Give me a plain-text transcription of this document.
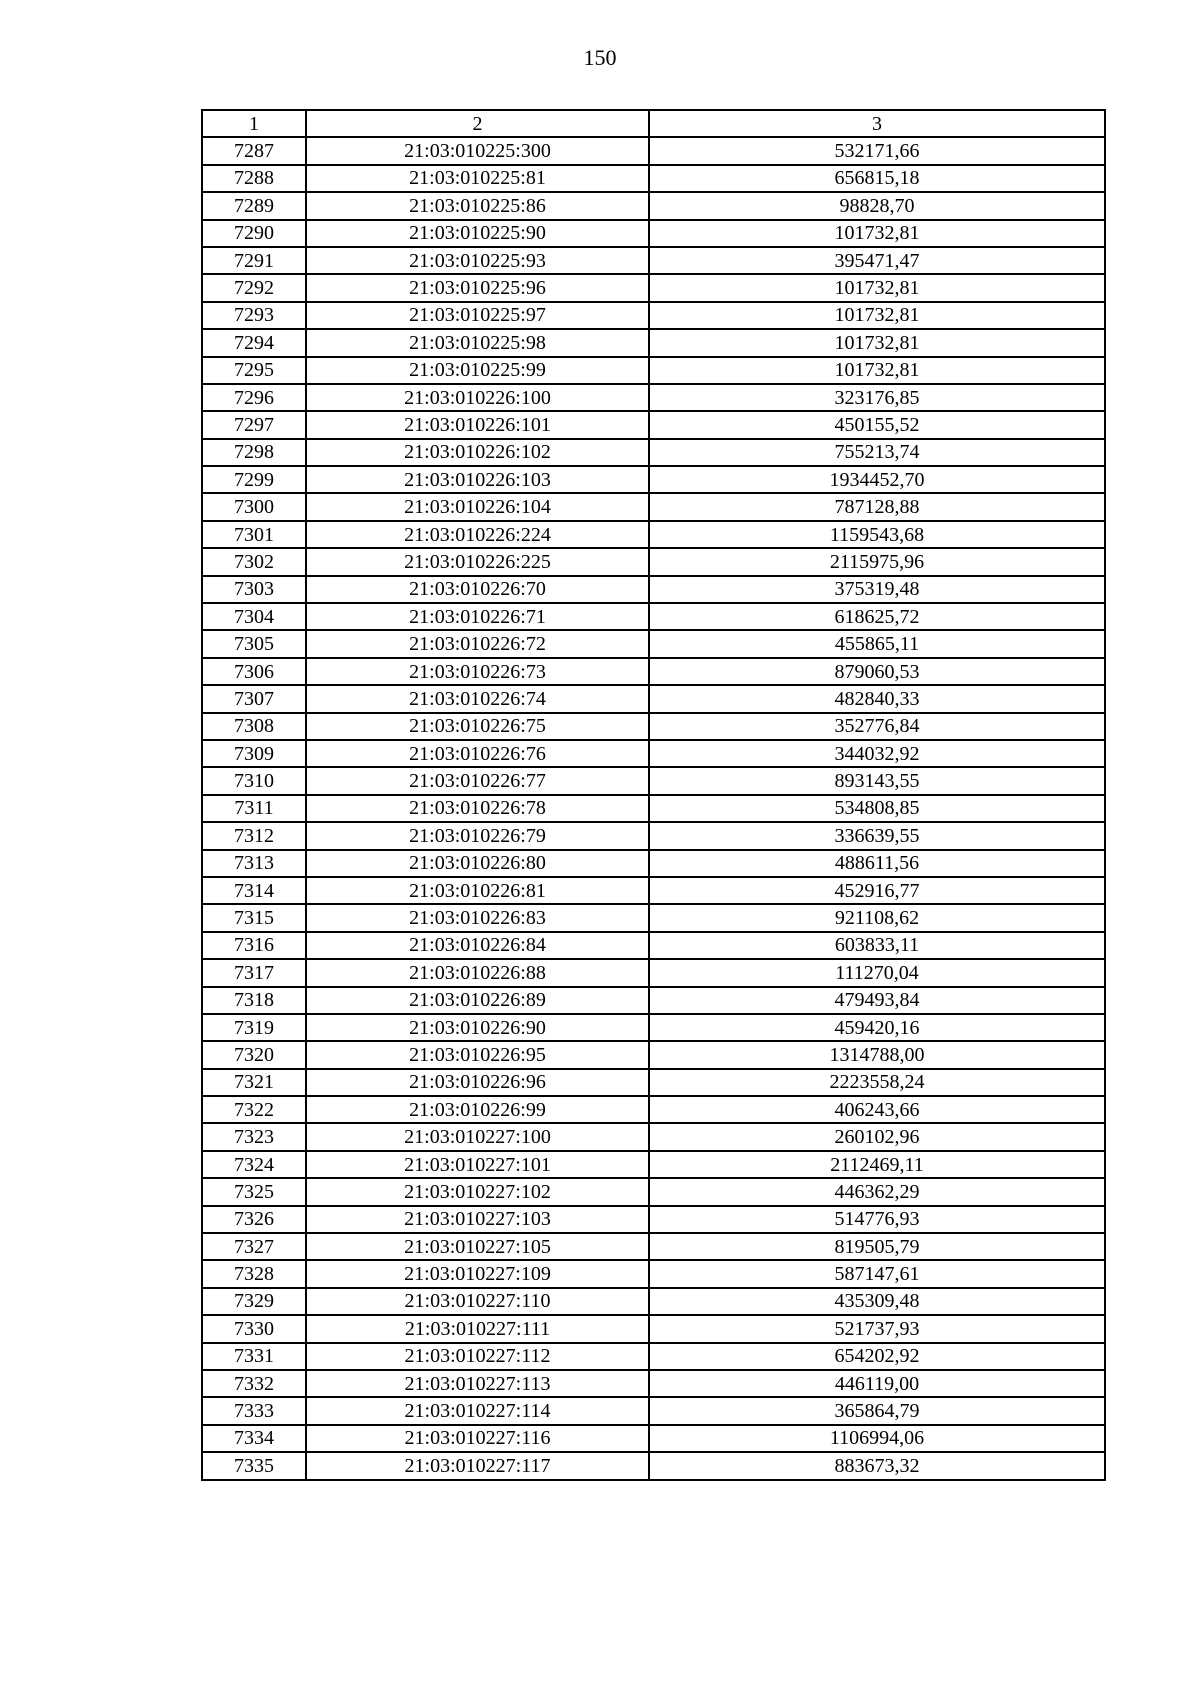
150
1	2	3
7287	21:03:010225:300	532171,66
7288	21:03:010225:81	656815,18
7289	21:03:010225:86	98828,70
7290	21:03:010225:90	101732,81
7291	21:03:010225:93	395471,47
7292	21:03:010225:96	101732,81
7293	21:03:010225:97	101732,81
7294	21:03:010225:98	101732,81
7295	21:03:010225:99	101732,81
7296	21:03:010226:100	323176,85
7297	21:03:010226:101	450155,52
7298	21:03:010226:102	755213,74
7299	21:03:010226:103	1934452,70
7300	21:03:010226:104	787128,88
7301	21:03:010226:224	1159543,68
7302	21:03:010226:225	2115975,96
7303	21:03:010226:70	375319,48
7304	21:03:010226:71	618625,72
7305	21:03:010226:72	455865,11
7306	21:03:010226:73	879060,53
7307	21:03:010226:74	482840,33
7308	21:03:010226:75	352776,84
7309	21:03:010226:76	344032,92
7310	21:03:010226:77	893143,55
7311	21:03:010226:78	534808,85
7312	21:03:010226:79	336639,55
7313	21:03:010226:80	488611,56
7314	21:03:010226:81	452916,77
7315	21:03:010226:83	921108,62
7316	21:03:010226:84	603833,11
7317	21:03:010226:88	111270,04
7318	21:03:010226:89	479493,84
7319	21:03:010226:90	459420,16
7320	21:03:010226:95	1314788,00
7321	21:03:010226:96	2223558,24
7322	21:03:010226:99	406243,66
7323	21:03:010227:100	260102,96
7324	21:03:010227:101	2112469,11
7325	21:03:010227:102	446362,29
7326	21:03:010227:103	514776,93
7327	21:03:010227:105	819505,79
7328	21:03:010227:109	587147,61
7329	21:03:010227:110	435309,48
7330	21:03:010227:111	521737,93
7331	21:03:010227:112	654202,92
7332	21:03:010227:113	446119,00
7333	21:03:010227:114	365864,79
7334	21:03:010227:116	1106994,06
7335	21:03:010227:117	883673,32
